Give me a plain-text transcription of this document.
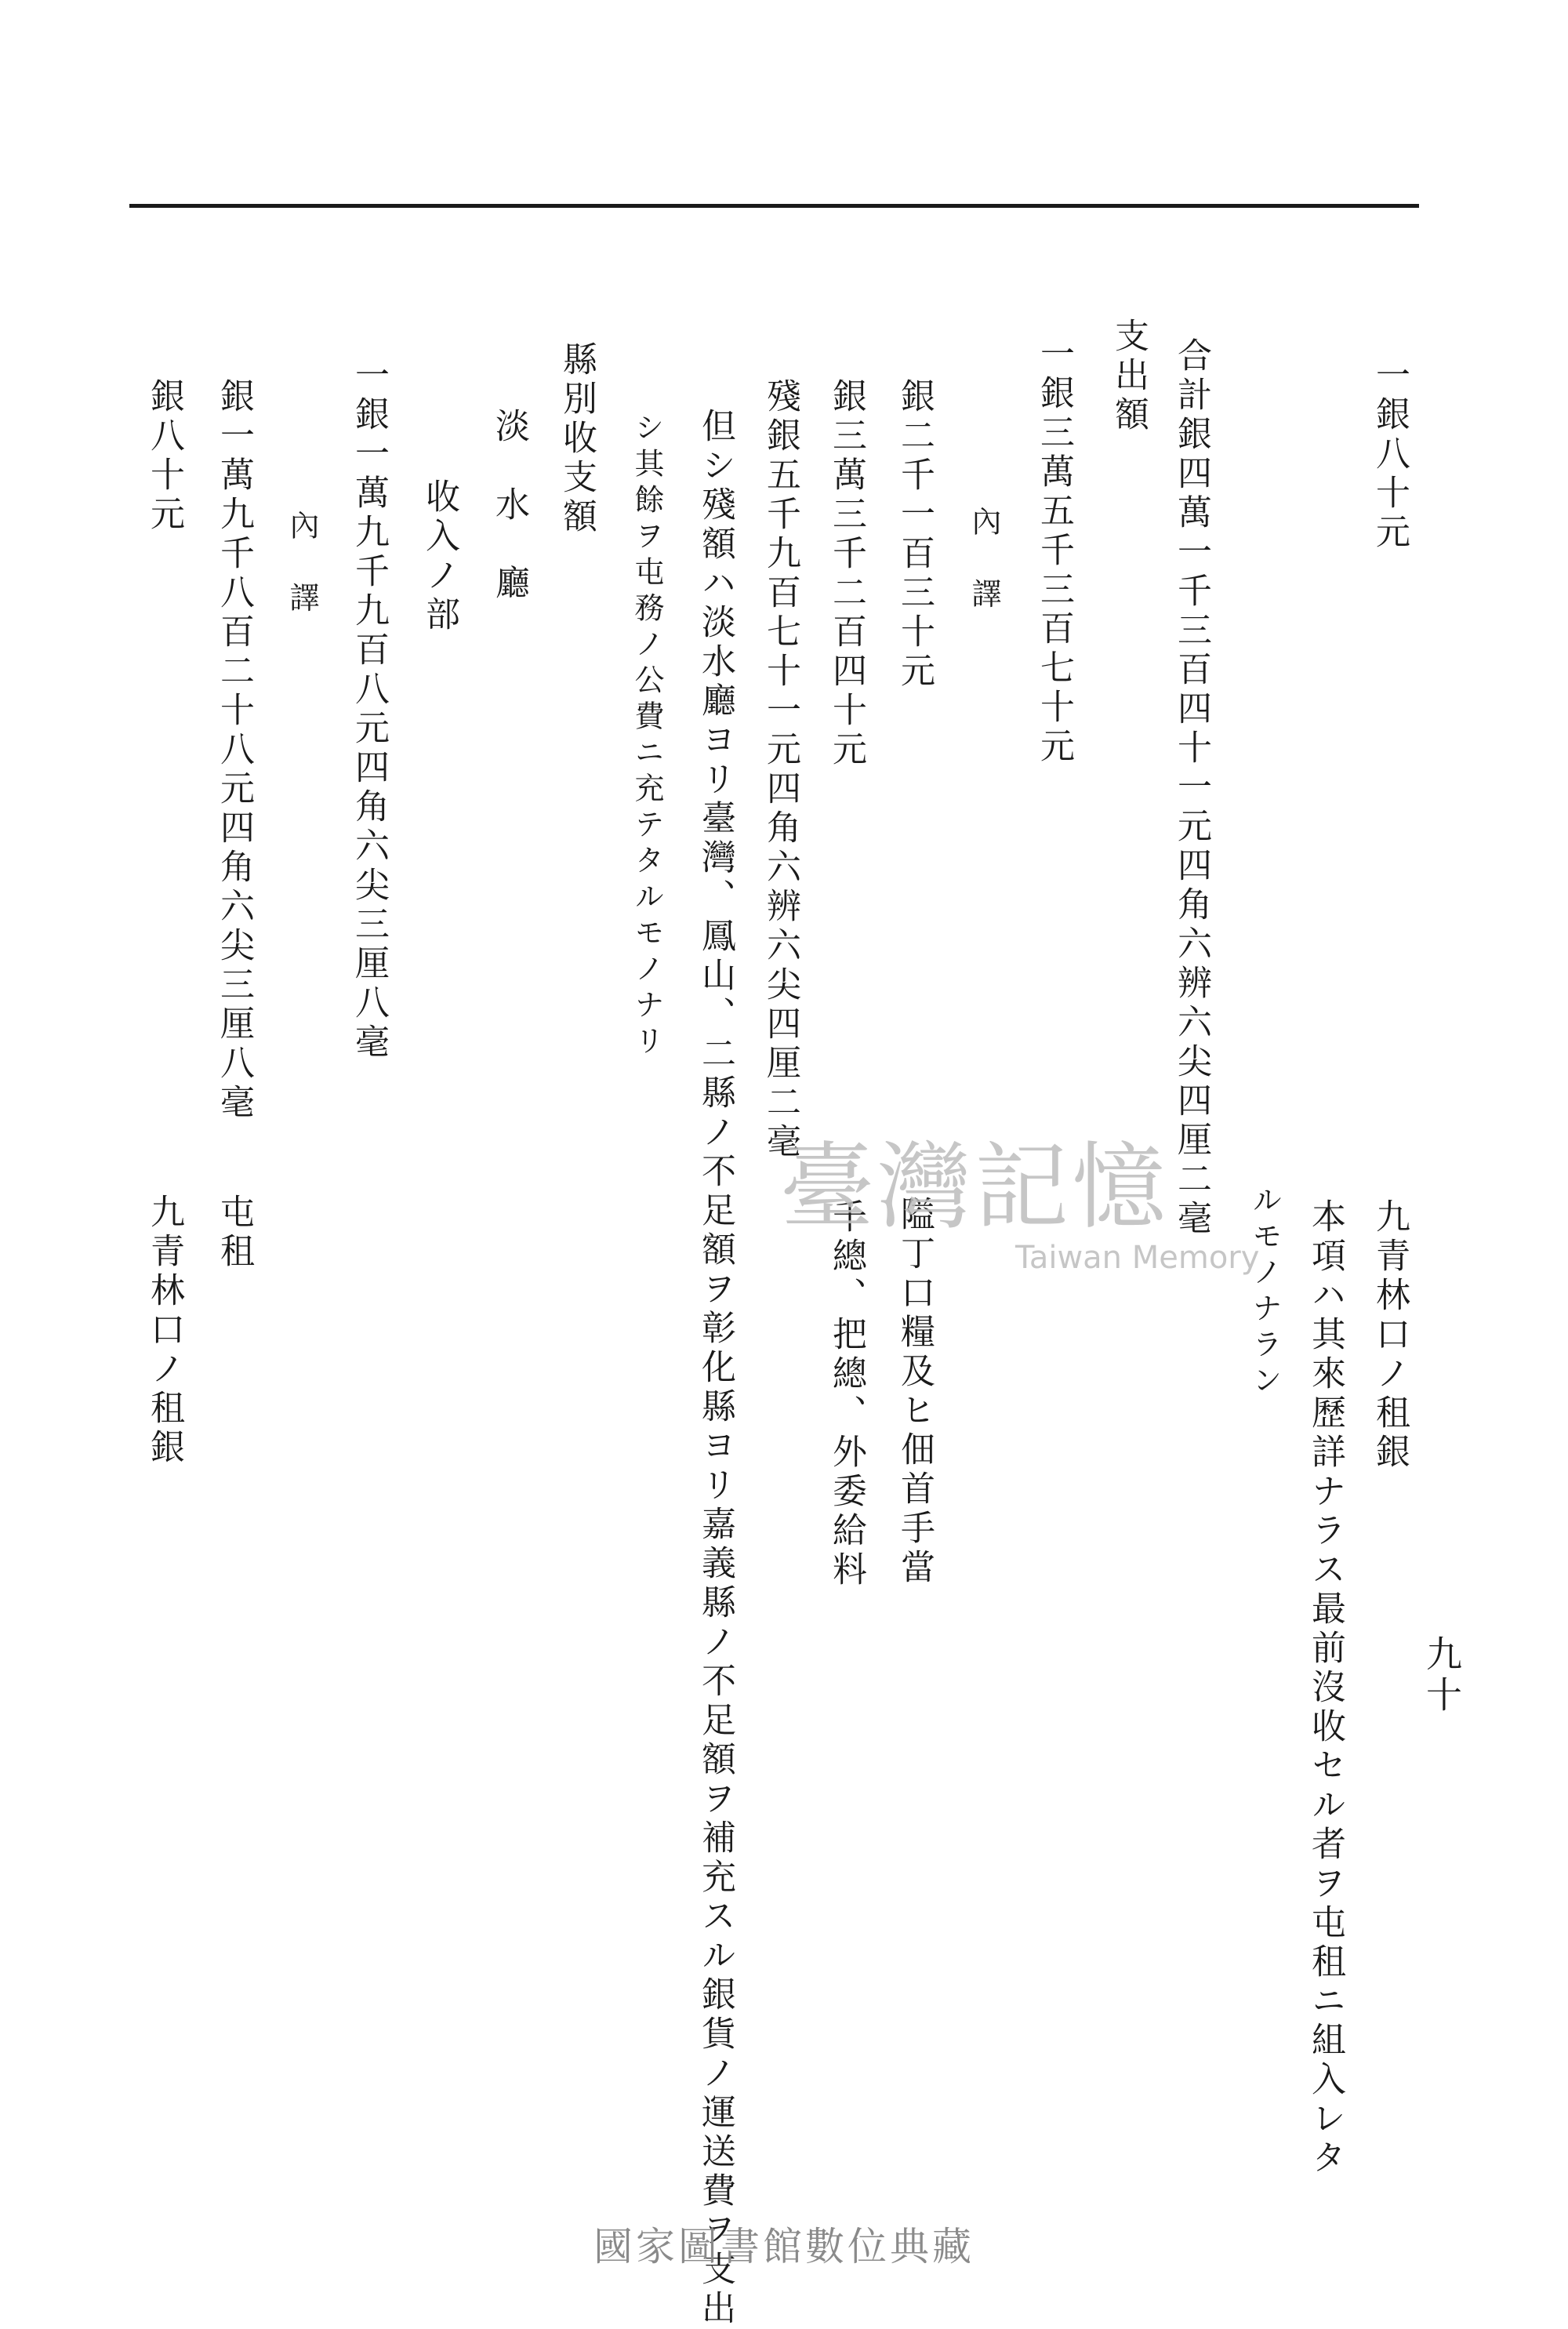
九十
九青林口ノ租銀
本項ハ其來歷詳ナラス最前沒收セル者ヲ屯租ニ組入レタ
ルモノナラン
一銀八十元
合計銀四萬一千三百四十一元四角六辨六尖四厘二毫
支出額
一銀三萬五千三百七十元
內　譯
銀二千一百三十元
隘丁口糧及ヒ佃首手當
銀三萬三千二百四十元
千總、把總、外委給料
殘銀五千九百七十一元四角六辨六尖四厘二毫
但シ殘額ハ淡水廳ヨリ臺灣、鳳山、二縣ノ不足額ヲ彰化縣ヨリ嘉義縣ノ不足額ヲ補充スル銀貨ノ運送費ヲ支出
シ其餘ヲ屯務ノ公費ニ充テタルモノナリ
縣別收支額
淡　水　廳
收入ノ部
一銀一萬九千九百八元四角六尖三厘八毫
內　譯
銀一萬九千八百二十八元四角六尖三厘八毫
屯租
銀八十元
九青林口ノ租銀
臺灣記憶
Taiwan Memory
國家圖書館數位典藏
